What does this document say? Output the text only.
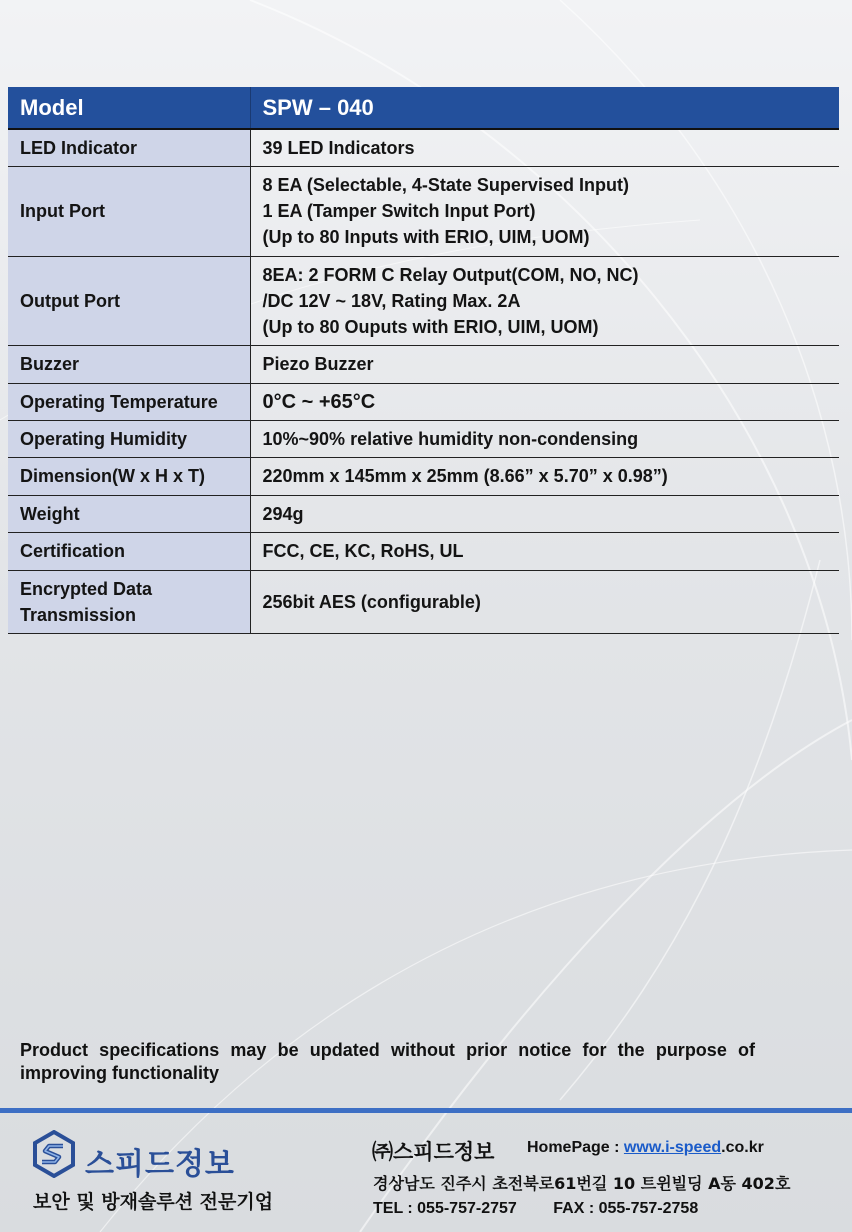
Model	SPW – 040
LED Indicator	39 LED Indicators

Input Port	8 EA (Selectable, 4-State Supervised Input)
1 EA (Tamper Switch Input Port)
(Up to 80 Inputs with ERIO, UIM, UOM)

Output Port	8EA: 2 FORM C Relay Output(COM, NO, NC)
/DC 12V ~ 18V, Rating Max. 2A
(Up to 80 Ouputs with ERIO, UIM, UOM)

Buzzer	Piezo Buzzer

Operating Temperature	0°C ~ +65°C

Operating Humidity	10%~90% relative humidity non-condensing

Dimension(W x H x T)	220mm x 145mm x 25mm (8.66” x 5.70” x 0.98”)

Weight	294g

Certification	FCC, CE, KC, RoHS, UL

Encrypted Data
Transmission	256bit AES (configurable)

Product specifications may be updated without prior notice for the purpose of improving functionality

스피드정보
보안 및 방재솔루션 전문기업
㈜스피드정보 HomePage : www.i-speed.co.kr
경상남도 진주시 초전북로61번길 10 트윈빌딩 A동 402호
TEL : 055-757-2757 FAX : 055-757-2758
